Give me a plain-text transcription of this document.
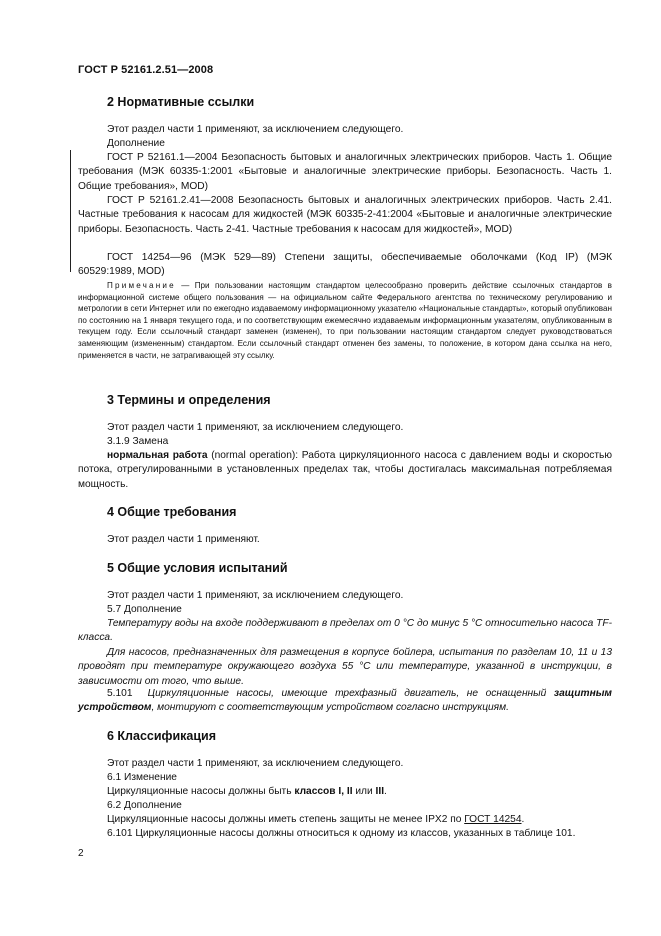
ГОСТ Р 52161.2.51—2008
2 Нормативные ссылки
Этот раздел части 1 применяют, за исключением следующего.
Дополнение
ГОСТ Р 52161.1—2004 Безопасность бытовых и аналогичных электрических приборов. Часть 1. Общие требования (МЭК 60335-1:2001 «Бытовые и аналогичные электрические приборы. Безопасность. Часть 1. Общие требования», MOD)
ГОСТ Р 52161.2.41—2008 Безопасность бытовых и аналогичных электрических приборов. Часть 2.41. Частные требования к насосам для жидкостей (МЭК 60335-2-41:2004 «Бытовые и аналогичные электрические приборы. Безопасность. Часть 2-41. Частные требования к насосам для жидкостей», MOD)
ГОСТ 14254—96 (МЭК 529—89) Степени защиты, обеспечиваемые оболочками (Код IP) (МЭК 60529:1989, MOD)
Примечание — При пользовании настоящим стандартом целесообразно проверить действие ссылочных стандартов в информационной системе общего пользования — на официальном сайте Федерального агентства по техническому регулированию и метрологии в сети Интернет или по ежегодно издаваемому информационному указателю «Национальные стандарты», который опубликован по состоянию на 1 января текущего года, и по соответствующим ежемесячно издаваемым информационным указателям, опубликованным в текущем году. Если ссылочный стандарт заменен (изменен), то при пользовании настоящим стандартом следует руководствоваться заменяющим (измененным) стандартом. Если ссылочный стандарт отменен без замены, то положение, в котором дана ссылка на него, применяется в части, не затрагивающей эту ссылку.
3 Термины и определения
Этот раздел части 1 применяют, за исключением следующего.
3.1.9 Замена
нормальная работа (normal operation): Работа циркуляционного насоса с давлением воды и скоростью потока, отрегулированными в установленных пределах так, чтобы достигалась максимальная потребляемая мощность.
4 Общие требования
Этот раздел части 1 применяют.
5 Общие условия испытаний
Этот раздел части 1 применяют, за исключением следующего.
5.7 Дополнение
Температуру воды на входе поддерживают в пределах от 0 °С до минус 5 °С относительно насоса TF-класса.
Для насосов, предназначенных для размещения в корпусе бойлера, испытания по разделам 10, 11 и 13 проводят при температуре окружающего воздуха 55 °С или температуре, указанной в инструкции, в зависимости от того, что выше.
5.101 Циркуляционные насосы, имеющие трехфазный двигатель, не оснащенный защитным устройством, монтируют с соответствующим устройством согласно инструкциям.
6 Классификация
Этот раздел части 1 применяют, за исключением следующего.
6.1 Изменение
Циркуляционные насосы должны быть классов I, II или III.
6.2 Дополнение
Циркуляционные насосы должны иметь степень защиты не менее IPX2 по ГОСТ 14254.
6.101 Циркуляционные насосы должны относиться к одному из классов, указанных в таблице 101.
2
